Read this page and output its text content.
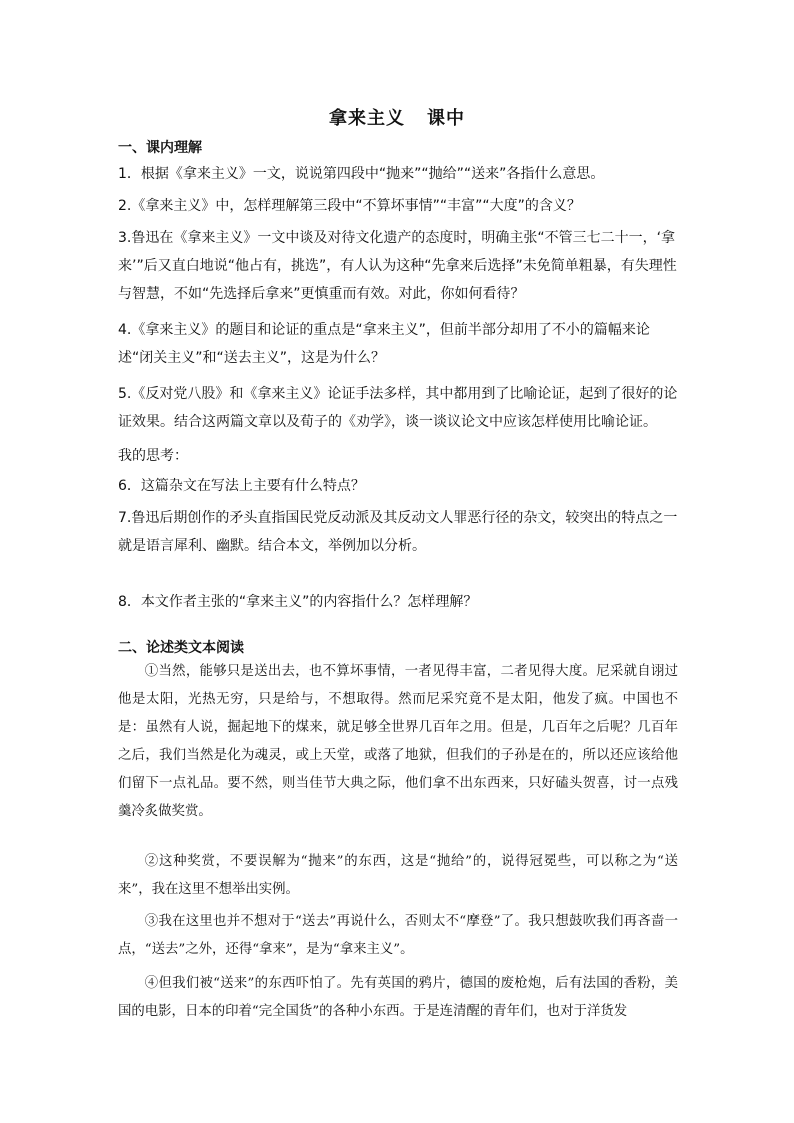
拿来主义 课中
一、课内理解

1．根据《拿来主义》一文，说说第四段中“抛来”“抛给”“送来”各指什么意思。

2.《拿来主义》中，怎样理解第三段中“不算坏事情”“丰富”“大度”的含义？

3.鲁迅在《拿来主义》一文中谈及对待文化遗产的态度时，明确主张“不管三七二十一，‘拿来’”后又直白地说“他占有，挑选”，有人认为这种“先拿来后选择”未免简单粗暴，有失理性与智慧，不如“先选择后拿来”更慎重而有效。对此，你如何看待？

4.《拿来主义》的题目和论证的重点是“拿来主义”，但前半部分却用了不小的篇幅来论述“闭关主义”和“送去主义”，这是为什么？

5.《反对党八股》和《拿来主义》论证手法多样，其中都用到了比喻论证，起到了很好的论证效果。结合这两篇文章以及荀子的《劝学》，谈一谈议论文中应该怎样使用比喻论证。

我的思考：

6．这篇杂文在写法上主要有什么特点？

7.鲁迅后期创作的矛头直指国民党反动派及其反动文人罪恶行径的杂文，较突出的特点之一就是语言犀利、幽默。结合本文，举例加以分析。

8．本文作者主张的“拿来主义”的内容指什么？怎样理解？

二、论述类文本阅读

①当然，能够只是送出去，也不算坏事情，一者见得丰富，二者见得大度。尼采就自诩过他是太阳，光热无穷，只是给与，不想取得。然而尼采究竟不是太阳，他发了疯。中国也不是：虽然有人说，掘起地下的煤来，就足够全世界几百年之用。但是，几百年之后呢？几百年之后，我们当然是化为魂灵，或上天堂，或落了地狱，但我们的子孙是在的，所以还应该给他们留下一点礼品。要不然，则当佳节大典之际，他们拿不出东西来，只好磕头贺喜，讨一点残羹冷炙做奖赏。

②这种奖赏，不要误解为“抛来”的东西，这是“抛给”的，说得冠冕些，可以称之为“送来”，我在这里不想举出实例。

③我在这里也并不想对于“送去”再说什么，否则太不“摩登”了。我只想鼓吹我们再吝啬一点，“送去”之外，还得“拿来”，是为“拿来主义”。

④但我们被“送来”的东西吓怕了。先有英国的鸦片，德国的废枪炮，后有法国的香粉，美国的电影，日本的印着“完全国货”的各种小东西。于是连清醒的青年们，也对于洋货发
